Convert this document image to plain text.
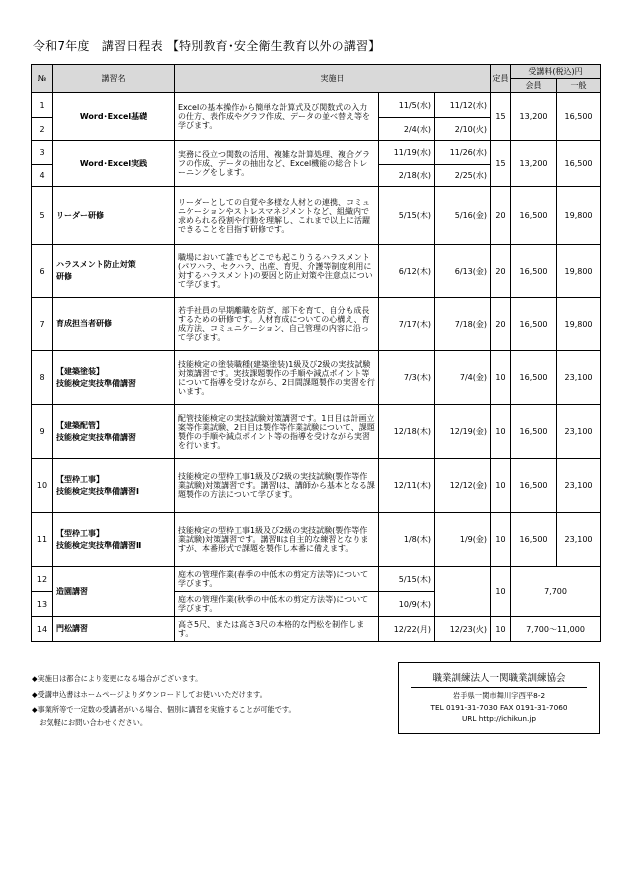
令和7年度　講習日程表 【特別教育･安全衛生教育以外の講習】
№	講習名	実施日			定員	受講料(税込)円	
						会員	一般
1	Word･Excel基礎	Excelの基本操作から簡単な計算式及び関数式の入力の仕方、表作成やグラフ作成、データの並べ替え等を学びます。	11/5(水)	11/12(水)	15	13,200	16,500
2			2/4(水)	2/10(火)			
3	Word･Excel実践	実務に役立つ関数の活用、複雑な計算処理、複合グラフの作成、データの抽出など、Excel機能の総合トレーニングをします。	11/19(水)	11/26(水)	15	13,200	16,500
4			2/18(水)	2/25(水)			
5	リーダー研修	リーダーとしての自覚や多様な人材との連携、コミュニケーションやストレスマネジメントなど、組織内で求められる役割や行動を理解し、これまで以上に活躍できることを目指す研修です。	5/15(木)	5/16(金)	20	16,500	19,800
6	ハラスメント防止対策
研修	職場において誰でもどこでも起こりうるハラスメント(パワハラ、セクハラ、出産、育児、介護等制度利用に対するハラスメント)の要因と防止対策や注意点について学びます。	6/12(木)	6/13(金)	20	16,500	19,800
7	育成担当者研修	若手社員の早期離職を防ぎ、部下を育て、自分も成長するための研修です。人材育成についての心構え、育成方法、コミュニケーション、自己管理の内容に沿って学びます。	7/17(木)	7/18(金)	20	16,500	19,800
8	【建築塗装】
技能検定実技準備講習	技能検定の塗装職種(建築塗装)1級及び2級の実技試験対策講習です。実技課題製作の手順や減点ポイント等について指導を受けながら、2日間課題製作の実習を行います。	7/3(木)	7/4(金)	10	16,500	23,100
9	【建築配管】
技能検定実技準備講習	配管技能検定の実技試験対策講習です。1日目は計画立案等作業試験、2日目は製作等作業試験について、課題製作の手順や減点ポイント等の指導を受けながら実習を行います。	12/18(木)	12/19(金)	10	16,500	23,100
10	【型枠工事】
技能検定実技準備講習Ⅰ	技能検定の型枠工事1級及び2級の実技試験(製作等作業試験)対策講習です。講習Ⅰは、講師から基本となる課題製作の方法について学びます。	12/11(木)	12/12(金)	10	16,500	23,100
11	【型枠工事】
技能検定実技準備講習Ⅱ	技能検定の型枠工事1級及び2級の実技試験(製作等作業試験)対策講習です。講習Ⅱは自主的な練習となりますが、本番形式で課題を製作し本番に備えます。	1/8(木)	1/9(金)	10	16,500	23,100
12	造園講習	庭木の管理作業(春季の中低木の剪定方法等)について学びます。	5/15(木)		10	7,700	
13		庭木の管理作業(秋季の中低木の剪定方法等)について学びます。	10/9(木)				
14	門松講習	高さ5尺、または高さ3尺の本格的な門松を制作します。	12/22(月)	12/23(火)	10	7,700～11,000	
◆実施日は都合により変更になる場合がございます。
◆受講申込書はホームページよりダウンロードしてお使いいただけます。
◆事業所等で一定数の受講者がいる場合、個別に講習を実施することが可能です。
　お気軽にお問い合わせください。
職業訓練法人一関職業訓練協会
岩手県一関市舞川字西平8-2
TEL 0191-31-7030 FAX 0191-31-7060
URL http://ichikun.jp
